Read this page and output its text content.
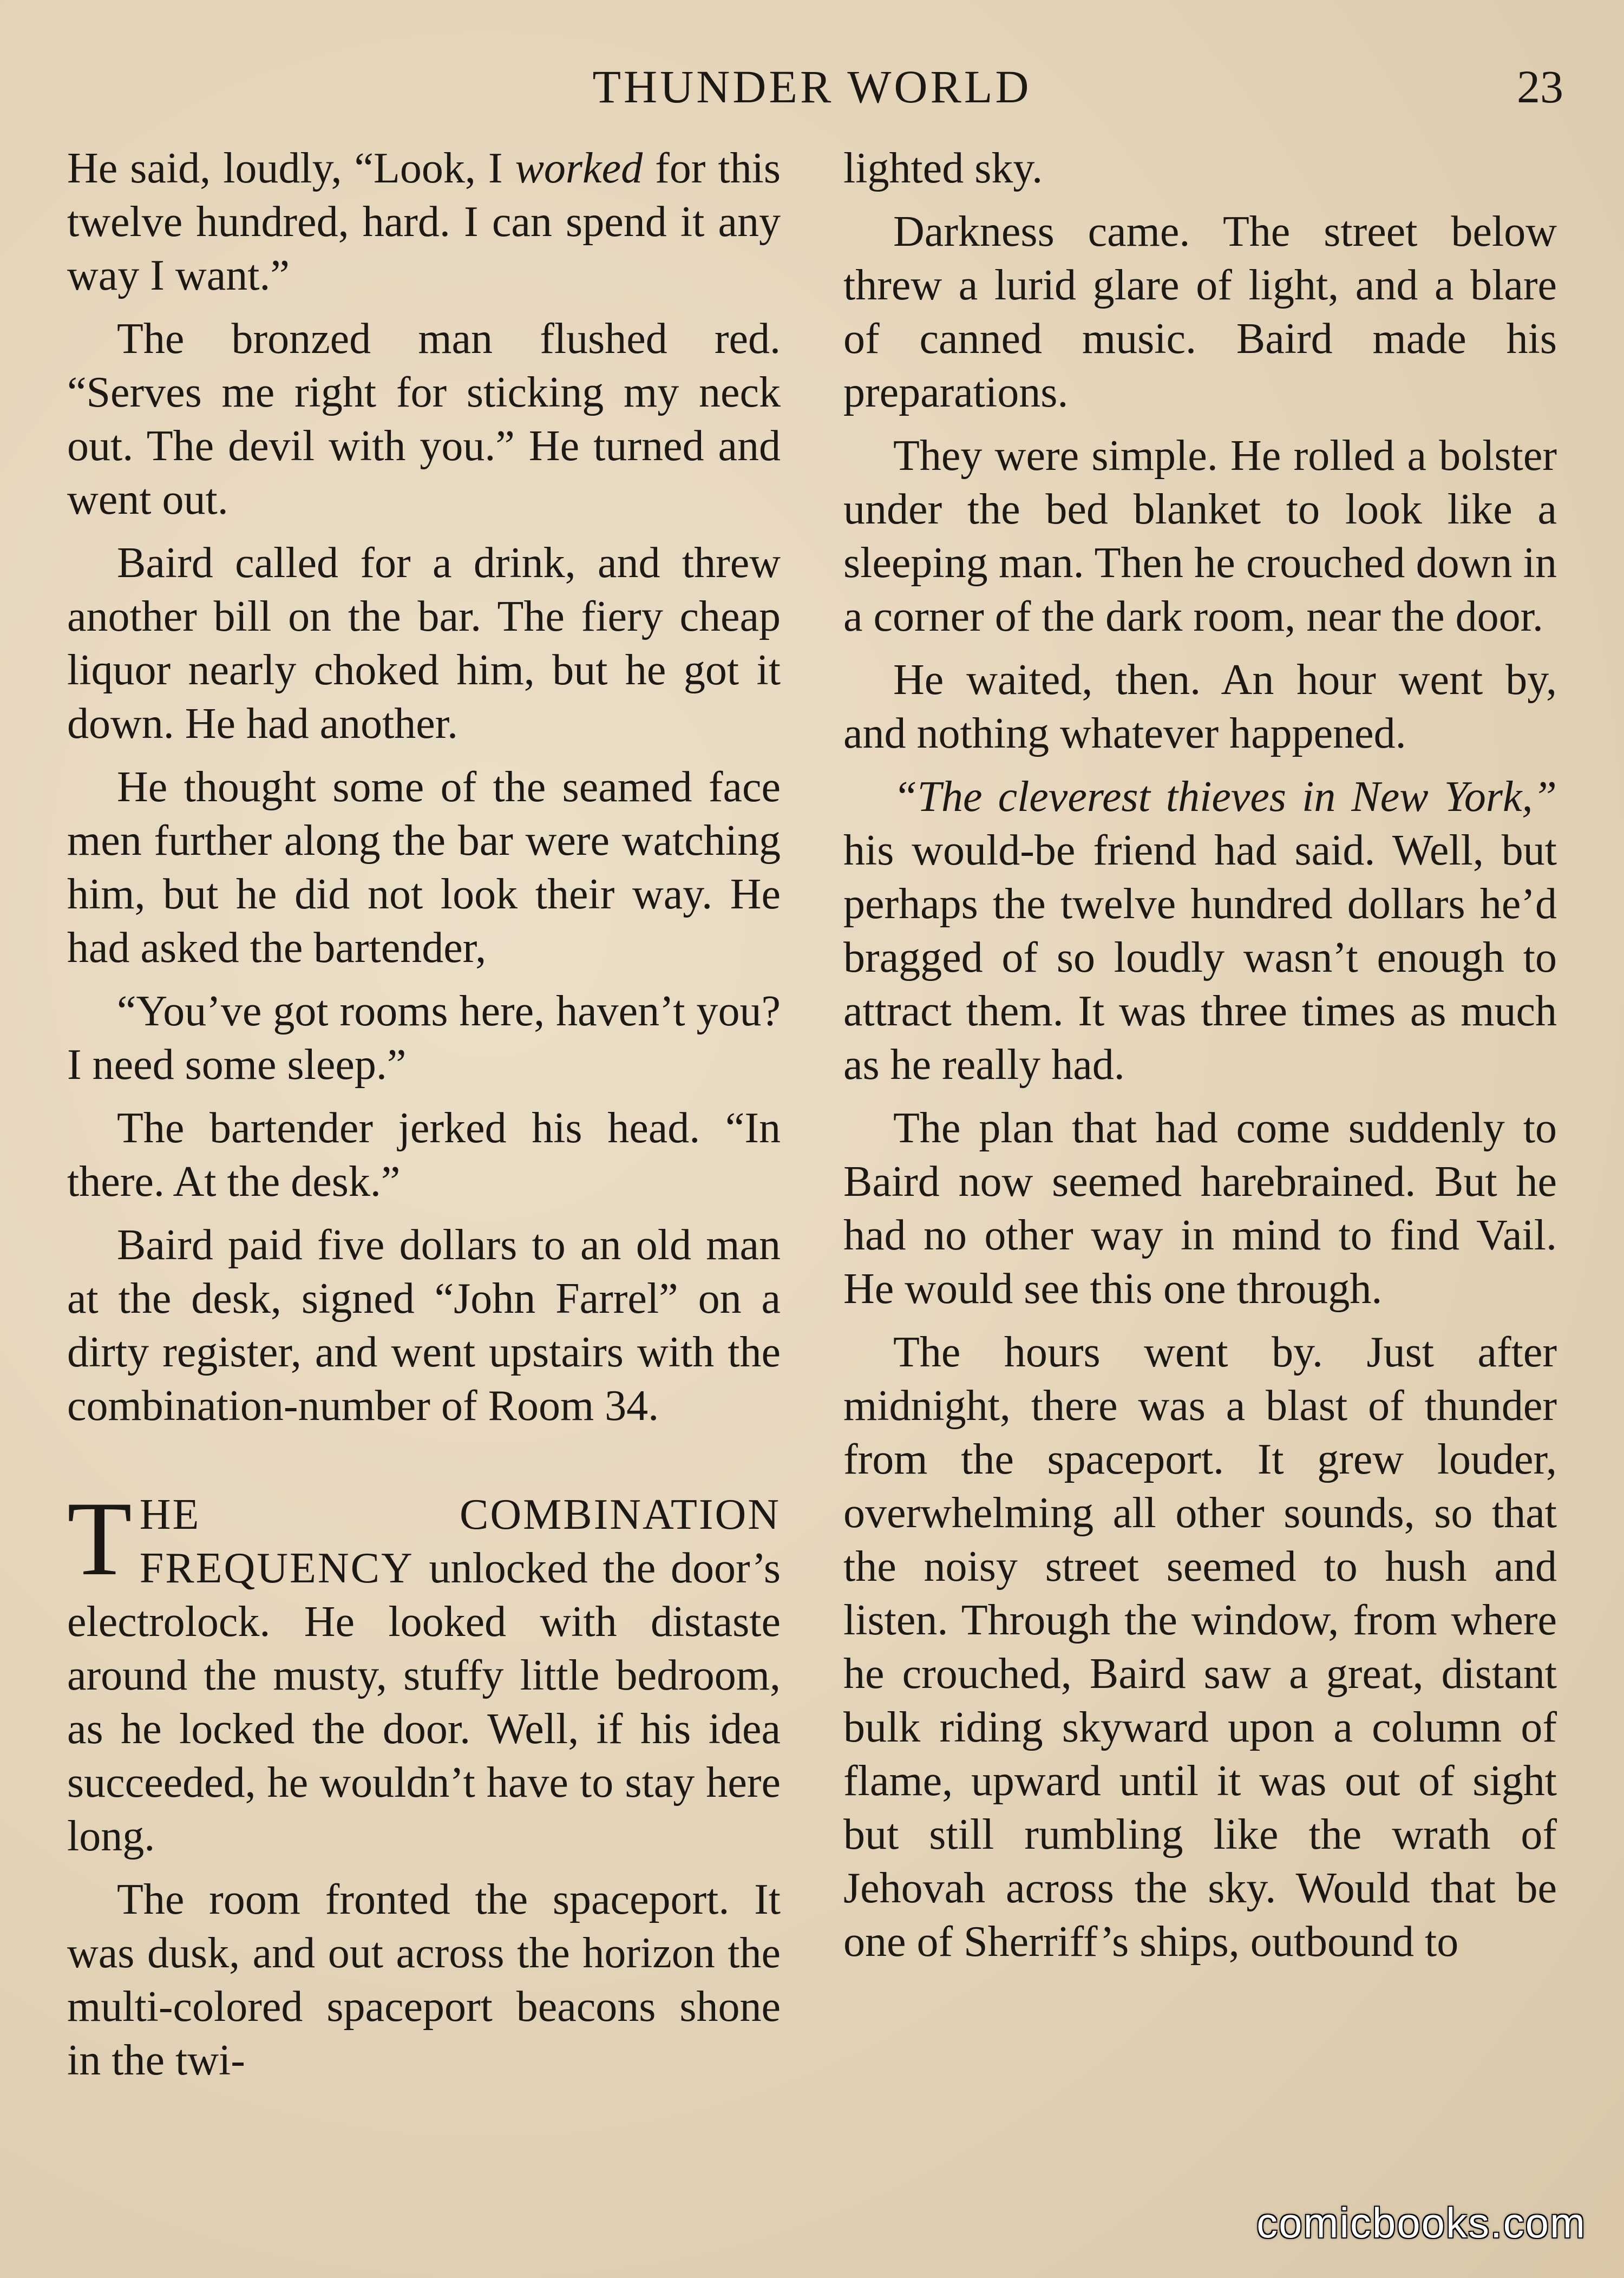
THUNDER WORLD	23

He said, loudly, “Look, I worked for this twelve hundred, hard. I can spend it any way I want.”

The bronzed man flushed red. “Serves me right for sticking my neck out. The devil with you.” He turned and went out.

Baird called for a drink, and threw another bill on the bar. The fiery cheap liquor nearly choked him, but he got it down. He had another.

He thought some of the seamed face men further along the bar were watching him, but he did not look their way. He had asked the bartender,

“You’ve got rooms here, haven’t you? I need some sleep.”

The bartender jerked his head. “In there. At the desk.”

Baird paid five dollars to an old man at the desk, signed “John Farrel” on a dirty register, and went upstairs with the combination-number of Room 34.

THE COMBINATION FREQUENCY unlocked the door’s electrolock. He looked with distaste around the musty, stuffy little bedroom, as he locked the door. Well, if his idea succeeded, he wouldn’t have to stay here long.

The room fronted the spaceport. It was dusk, and out across the horizon the multi-colored spaceport beacons shone in the twi-

lighted sky.

Darkness came. The street below threw a lurid glare of light, and a blare of canned music. Baird made his preparations.

They were simple. He rolled a bolster under the bed blanket to look like a sleeping man. Then he crouched down in a corner of the dark room, near the door.

He waited, then. An hour went by, and nothing whatever happened.

“The cleverest thieves in New York,” his would-be friend had said. Well, but perhaps the twelve hundred dollars he’d bragged of so loudly wasn’t enough to attract them. It was three times as much as he really had.

The plan that had come suddenly to Baird now seemed harebrained. But he had no other way in mind to find Vail. He would see this one through.

The hours went by. Just after midnight, there was a blast of thunder from the spaceport. It grew louder, overwhelming all other sounds, so that the noisy street seemed to hush and listen. Through the window, from where he crouched, Baird saw a great, distant bulk riding skyward upon a column of flame, upward until it was out of sight but still rumbling like the wrath of Jehovah across the sky. Would that be one of Sherriff’s ships, outbound to

comicbooks.com
